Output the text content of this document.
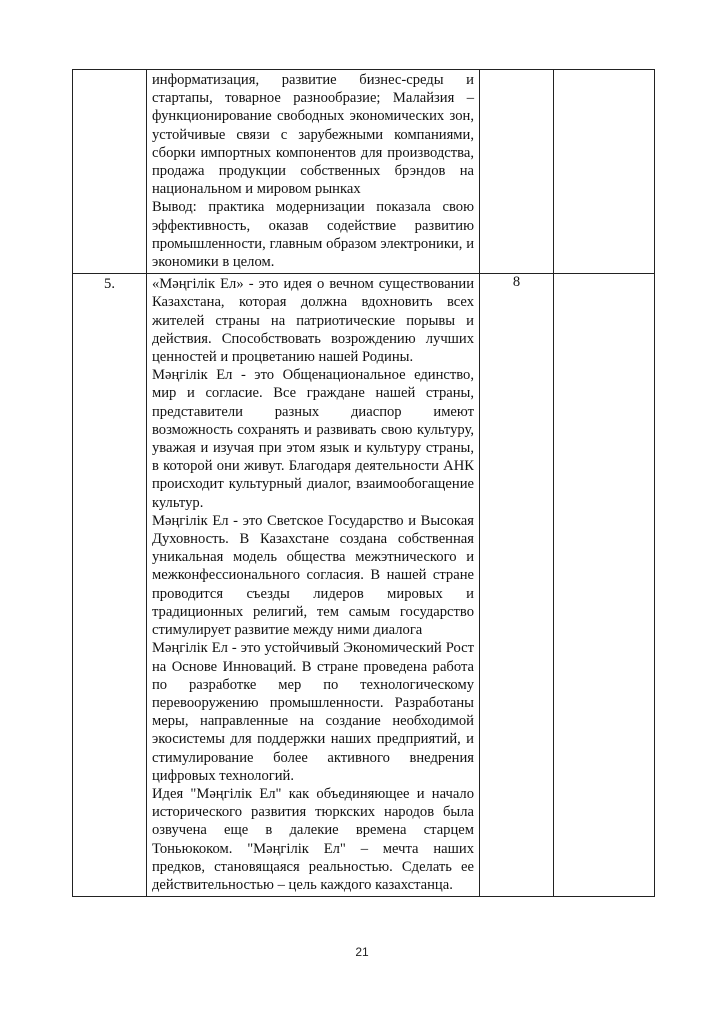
	информатизация, развитие бизнес-среды и стартапы, товарное разнообразие; Малайзия – функционирование свободных экономических зон, устойчивые связи с зарубежными компаниями, сборки импортных компонентов для производства, продажа продукции собственных брэндов на национальном и мировом рынках

Вывод: практика модернизации показала свою эффективность, оказав содействие развитию промышленности, главным образом электроники, и экономики в целом.		

5.	«Мәңгілік Ел» - это идея о вечном существовании Казахстана, которая должна вдохновить всех жителей страны на патриотические порывы и действия. Способствовать возрождению лучших ценностей и процветанию нашей Родины.

Мәңгілік Ел - это Общенациональное единство, мир и согласие. Все граждане нашей страны, представители разных диаспор имеют возможность сохранять и развивать свою культуру, уважая и изучая при этом язык и культуру страны, в которой они живут. Благодаря деятельности АНК происходит культурный диалог, взаимообогащение культур.

Мәңгілік Ел - это Светское Государство и Высокая Духовность. В Казахстане создана собственная уникальная модель общества межэтнического и межконфессионального согласия. В нашей стране проводится съезды лидеров мировых и традиционных религий, тем самым государство стимулирует развитие между ними диалога

Мәңгілік Ел - это устойчивый Экономический Рост на Основе Инноваций. В стране проведена работа по разработке мер по технологическому перевооружению промышленности. Разработаны меры, направленные на создание необходимой экосистемы для поддержки наших предприятий, и стимулирование более активного внедрения цифровых технологий.

Идея "Мәңгілік Ел" как объединяющее и начало исторического развития тюркских народов была озвучена еще в далекие времена старцем Тоньюкоком. "Мәңгілік Ел" – мечта наших предков, становящаяся реальностью. Сделать ее действительностью – цель каждого казахстанца.	8	
21
